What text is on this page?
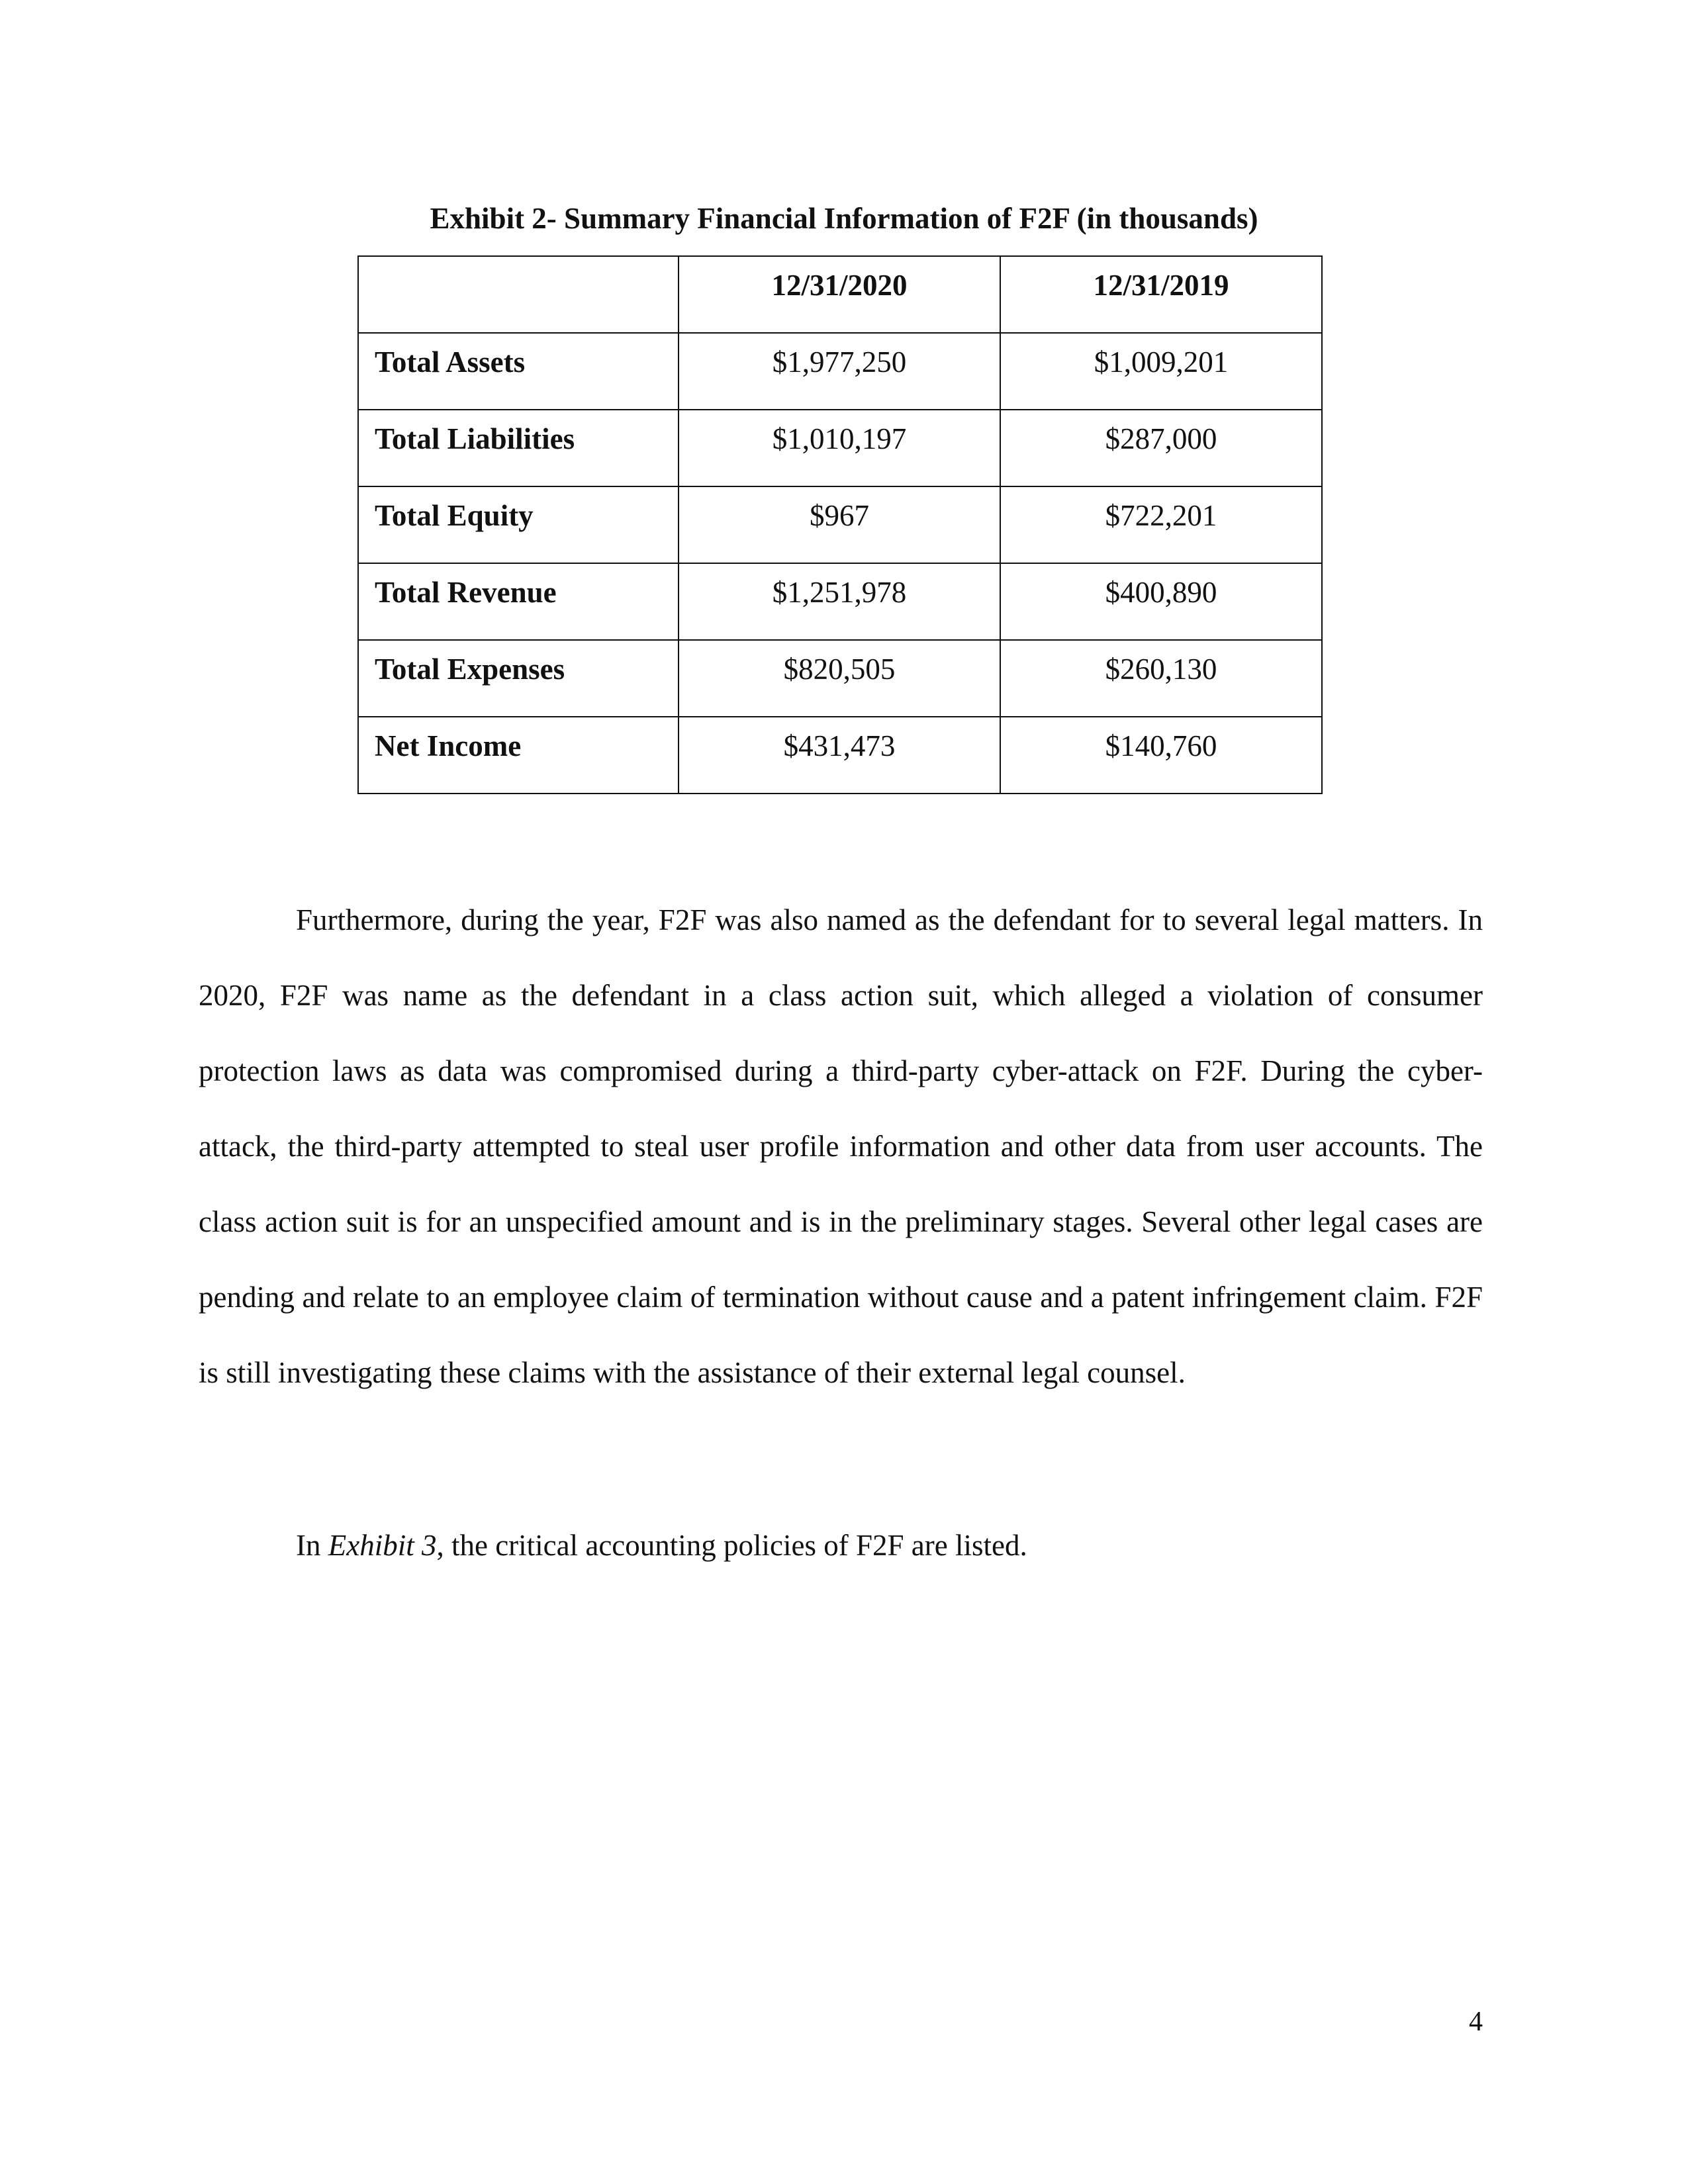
Exhibit 2- Summary Financial Information of F2F (in thousands)
	12/31/2020	12/31/2019
Total Assets	$1,977,250	$1,009,201
Total Liabilities	$1,010,197	$287,000
Total Equity	$967	$722,201
Total Revenue	$1,251,978	$400,890
Total Expenses	$820,505	$260,130
Net Income	$431,473	$140,760

Furthermore, during the year, F2F was also named as the defendant for to several legal matters. In 2020, F2F was name as the defendant in a class action suit, which alleged a violation of consumer protection laws as data was compromised during a third-party cyber-attack on F2F. During the cyber-attack, the third-party attempted to steal user profile information and other data from user accounts. The class action suit is for an unspecified amount and is in the preliminary stages. Several other legal cases are pending and relate to an employee claim of termination without cause and a patent infringement claim. F2F is still investigating these claims with the assistance of their external legal counsel.

In Exhibit 3, the critical accounting policies of F2F are listed.

4
